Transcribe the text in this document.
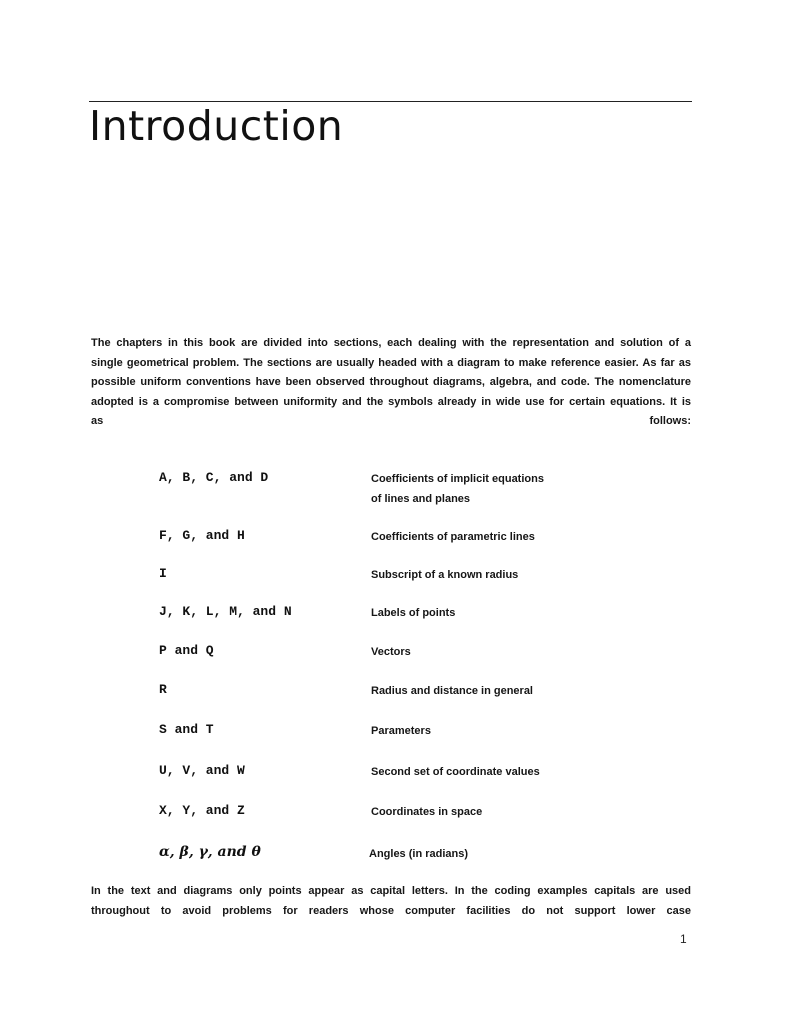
Introduction
The chapters in this book are divided into sections, each dealing with the representation and solution of a single geometrical problem. The sections are usually headed with a diagram to make reference easier. As far as possible uniform conventions have been observed throughout diagrams, algebra, and code. The nomenclature adopted is a compromise between uniformity and the symbols already in wide use for certain equations. It is as follows:
A, B, C, and D	Coefficients of implicit equations
of lines and planes
F, G, and H	Coefficients of parametric lines
I	Subscript of a known radius
J, K, L, M, and N	Labels of points
P and Q	Vectors
R	Radius and distance in general
S and T	Parameters
U, V, and W	Second set of coordinate values
X, Y, and Z	Coordinates in space
α, β, γ, and θ	Angles (in radians)
In the text and diagrams only points appear as capital letters. In the coding examples capitals are used throughout to avoid problems for readers whose computer facilities do not support lower case
1
